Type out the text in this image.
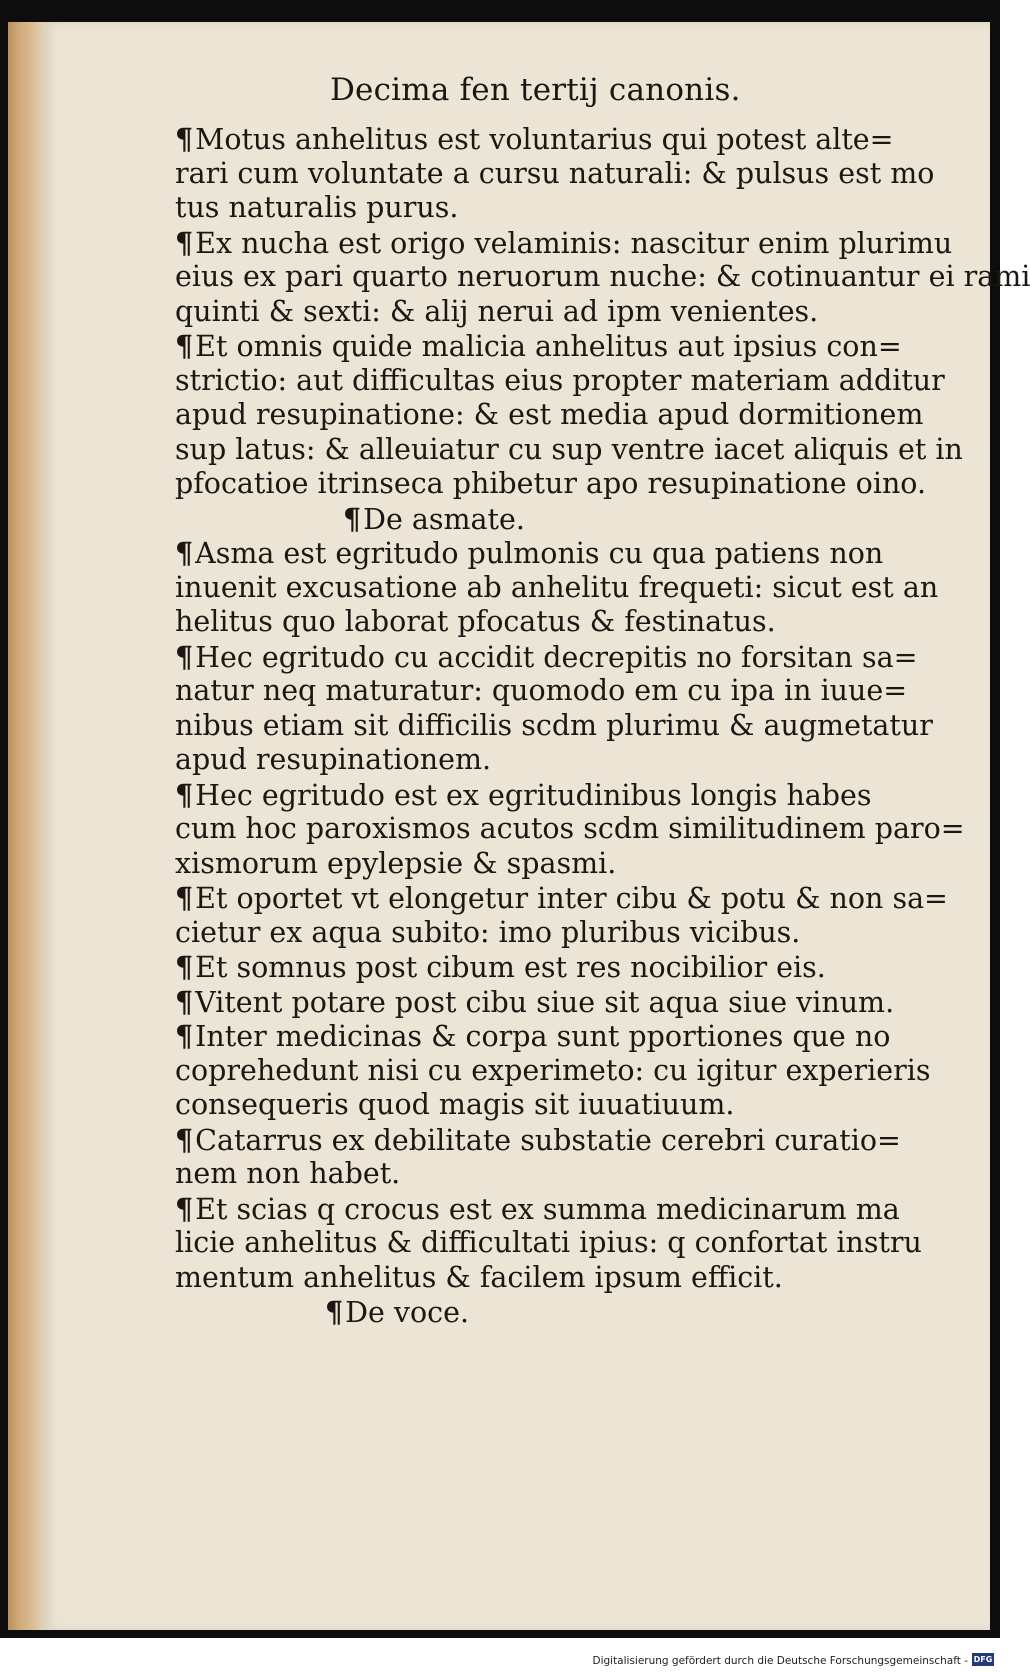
Decima fen tertij canonis.
¶Motus anhelitus est voluntarius qui potest alte=
rari cum voluntate a cursu naturali: & pulsus est mo
tus naturalis purus.
¶Ex nucha est origo velaminis: nascitur enim plurimu
eius ex pari quarto neruorum nuche: & cotinuantur ei rami
quinti & sexti: & alij nerui ad ipm venientes.
¶Et omnis quide malicia anhelitus aut ipsius con=
strictio: aut difficultas eius propter materiam additur
apud resupinatione: & est media apud dormitionem
sup latus: & alleuiatur cu sup ventre iacet aliquis et in
pfocatioe itrinseca phibetur apo resupinatione oino.
¶De asmate.
¶Asma est egritudo pulmonis cu qua patiens non
inuenit excusatione ab anhelitu frequeti: sicut est an
helitus quo laborat pfocatus & festinatus.
¶Hec egritudo cu accidit decrepitis no forsitan sa=
natur neq maturatur: quomodo em cu ipa in iuue=
nibus etiam sit difficilis scdm plurimu & augmetatur
apud resupinationem.
¶Hec egritudo est ex egritudinibus longis habes
cum hoc paroxismos acutos scdm similitudinem paro=
xismorum epylepsie & spasmi.
¶Et oportet vt elongetur inter cibu & potu & non sa=
cietur ex aqua subito: imo pluribus vicibus.
¶Et somnus post cibum est res nocibilior eis.
¶Vitent potare post cibu siue sit aqua siue vinum.
¶Inter medicinas & corpa sunt pportiones que no
coprehedunt nisi cu experimeto: cu igitur experieris
consequeris quod magis sit iuuatiuum.
¶Catarrus ex debilitate substatie cerebri curatio=
nem non habet.
¶Et scias q crocus est ex summa medicinarum ma
licie anhelitus & difficultati ipius: q confortat instru
mentum anhelitus & facilem ipsum efficit.
¶De voce.
Digitalisierung gefördert durch die Deutsche Forschungsgemeinschaft - DFG
